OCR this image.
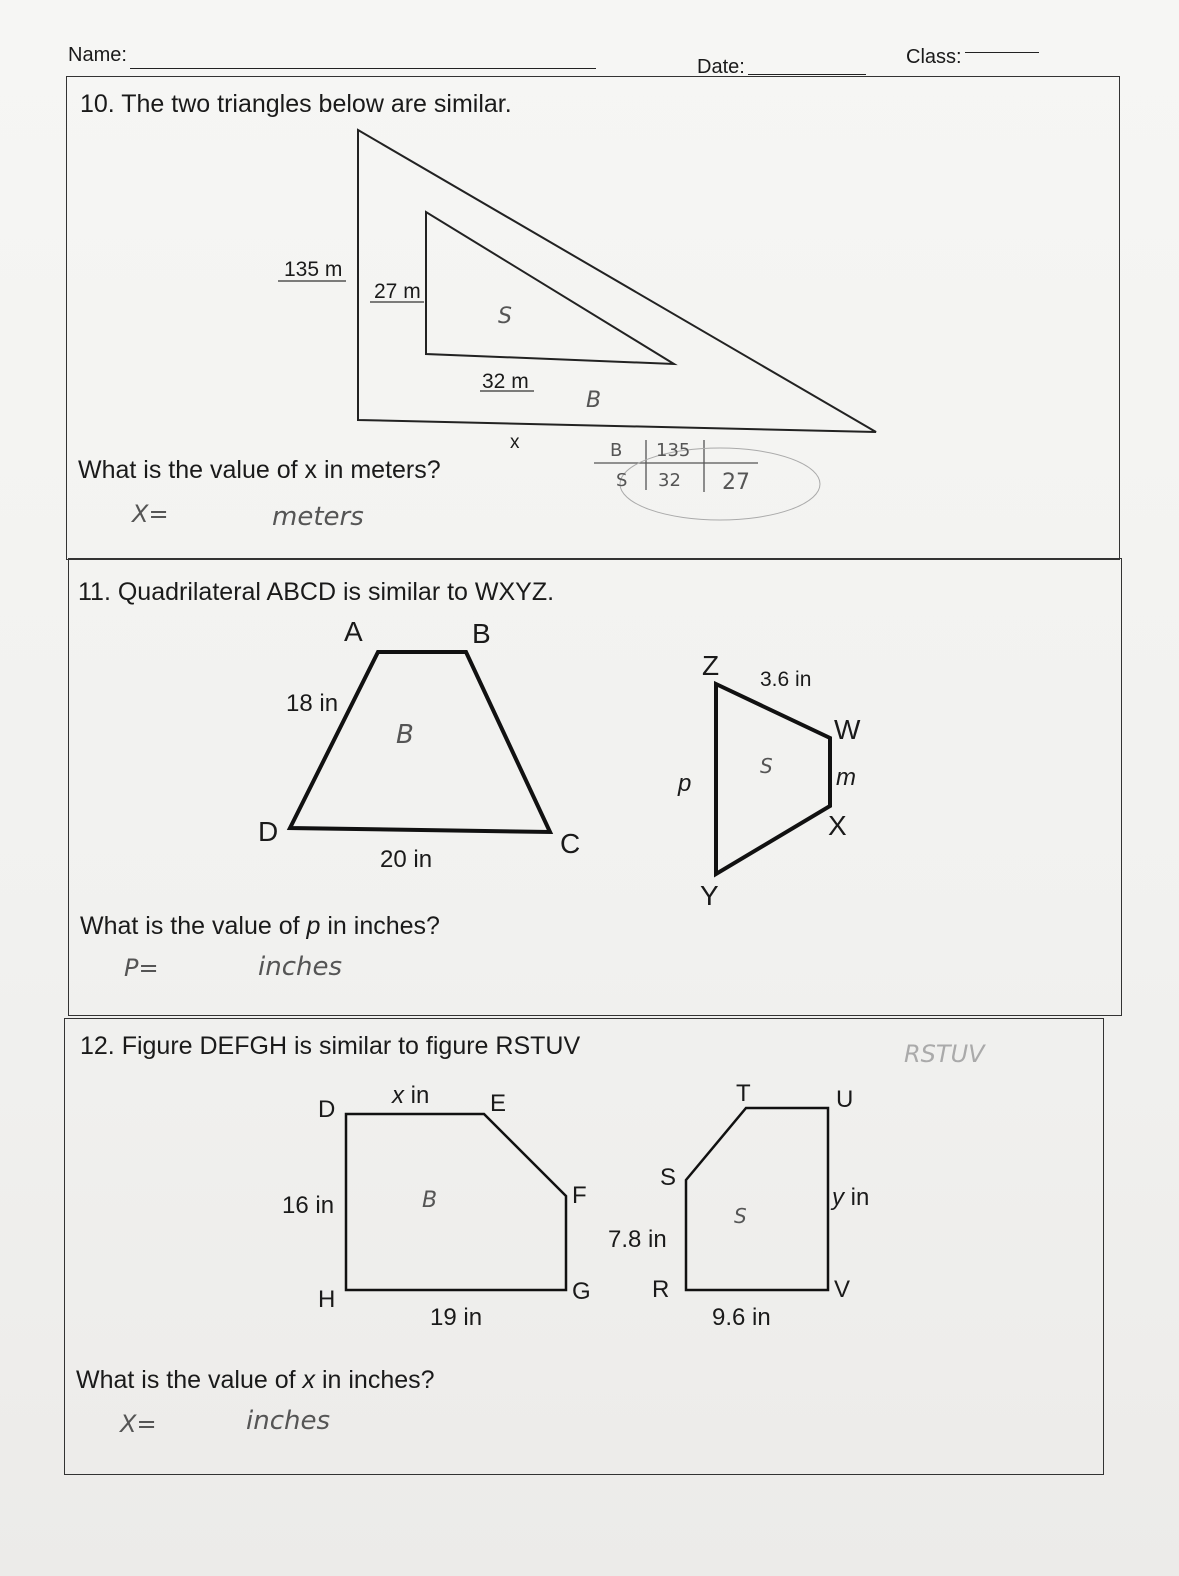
Name:
Date:	Class:
10. The two triangles below are similar.
135 m
27 m
32 m
x
S
B
B 135
S 32 27
What is the value of x in meters?
X=	meters
11. Quadrilateral ABCD is similar to WXYZ.
A	B
C
D
18 in
20 in
B
Z
W
X
Y
3.6 in
p	m
S
What is the value of p in inches?
P=	inches
12. Figure DEFGH is similar to figure RSTUV
D
x in	E
F
G
H
16 in
19 in
B
S
T	U
V
R
7.8 in
9.6 in
y in
S
RSTUV
What is the value of x in inches?
X=	inches
